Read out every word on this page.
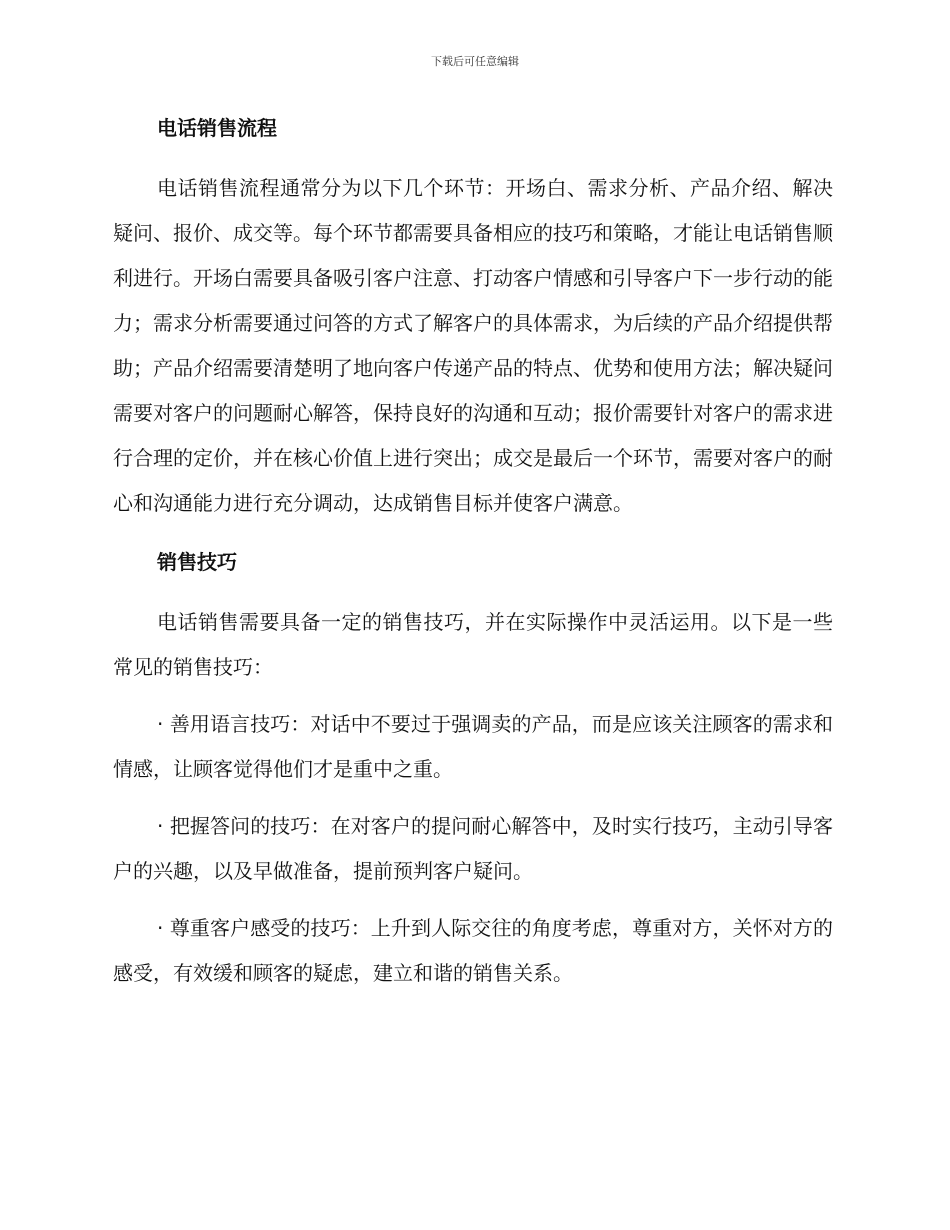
下载后可任意编辑
电话销售流程

电话销售流程通常分为以下几个环节：开场白、需求分析、产品介绍、解决疑问、报价、成交等。每个环节都需要具备相应的技巧和策略，才能让电话销售顺利进行。开场白需要具备吸引客户注意、打动客户情感和引导客户下一步行动的能力；需求分析需要通过问答的方式了解客户的具体需求，为后续的产品介绍提供帮助；产品介绍需要清楚明了地向客户传递产品的特点、优势和使用方法；解决疑问需要对客户的问题耐心解答，保持良好的沟通和互动；报价需要针对客户的需求进行合理的定价，并在核心价值上进行突出；成交是最后一个环节，需要对客户的耐心和沟通能力进行充分调动，达成销售目标并使客户满意。

销售技巧

电话销售需要具备一定的销售技巧，并在实际操作中灵活运用。以下是一些常见的销售技巧：

· 善用语言技巧：对话中不要过于强调卖的产品，而是应该关注顾客的需求和情感，让顾客觉得他们才是重中之重。

· 把握答问的技巧：在对客户的提问耐心解答中，及时实行技巧，主动引导客户的兴趣，以及早做准备，提前预判客户疑问。

· 尊重客户感受的技巧：上升到人际交往的角度考虑，尊重对方，关怀对方的感受，有效缓和顾客的疑虑，建立和谐的销售关系。
